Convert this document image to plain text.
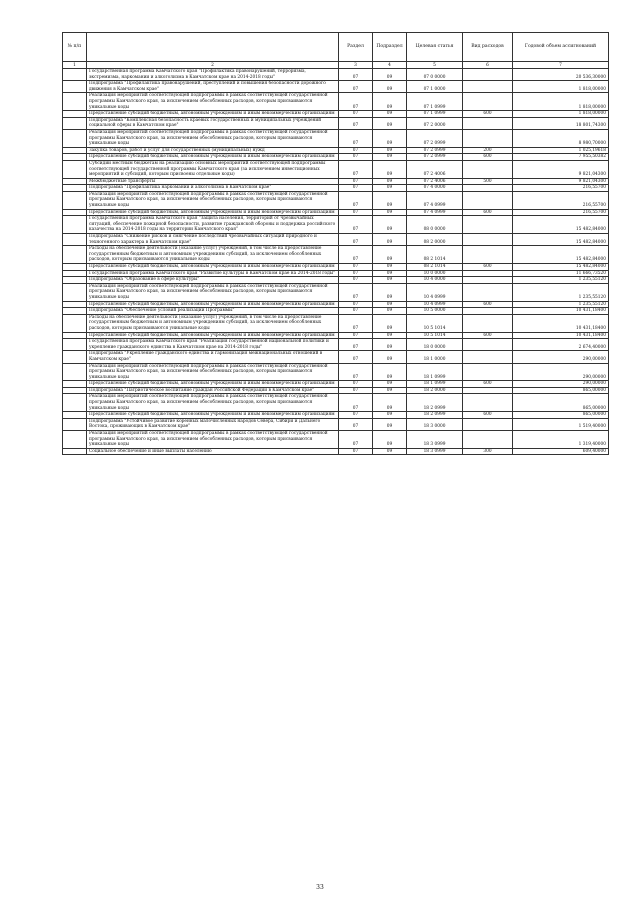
№ п/п		Раздел	Подраздел	Целевая статья	Вид расходов	Годовой объем ассигнований
1	2	3	4	5	6	7
	Государственная программа Камчатского края "Профилактика правонарушений, терроризма, экстремизма, наркомании и алкоголизма в Камчатском крае на 2014-2018 годы"	07	09	07 0 0000		20 536,30000
	Подпрограмма "Профилактика правонарушений, преступлений и повышения безопасности дорожного движения в Камчатском крае"	07	09	07 1 0000		1 818,00000
	Реализация мероприятий соответствующей подпрограммы в рамках соответствующей государственной программы Камчатского края, за исключением обособленных расходов, которым присваиваются уникальные коды	07	09	07 1 0999		1 818,00000
	Предоставление субсидий бюджетным, автономным учреждениям и иным некоммерческим организациям	07	09	07 1 0999	600	1 818,00000
	Подпрограмма "Комплексная безопасность краевых государственных и муниципальных учреждений социальной сферы в Камчатском крае"	07	09	07 2 0000		18 801,74300
	Реализация мероприятий соответствующей подпрограммы в рамках соответствующей государственной программы Камчатского края, за исключением обособленных расходов, которым присваиваются уникальные коды	07	09	07 2 0999		8 980,70000
	Закупка товаров, работ и услуг для государственных (муниципальных) нужд	07	09	07 2 0999	200	1 025,19618
	Предоставление субсидий бюджетным, автономным учреждениям и иным некоммерческим организациям	07	09	07 2 0999	600	7 955,50382
	Субсидии местным бюджетам на реализацию основных мероприятий соответствующей подпрограммы соответствующей государственной программы Камчатского края (за исключением инвестиционных мероприятий и субсидий, которым присвоены отдельные коды)	07	09	07 2 4006		9 821,04300
	Межбюджетные трансферты	07	09	07 2 4006	500	9 821,04300
	Подпрограмма "Профилактика наркомании и алкоголизма в Камчатском крае"	07	09	07 4 0000		216,55700
	Реализация мероприятий соответствующей подпрограммы в рамках соответствующей государственной программы Камчатского края, за исключением обособленных расходов, которым присваиваются уникальные коды	07	09	07 4 0999		216,55700
	Предоставление субсидий бюджетным, автономным учреждениям и иным некоммерческим организациям	07	09	07 4 0999	600	216,55700
	Государственная программа Камчатского края "Защита населения, территорий от чрезвычайных ситуаций, обеспечение пожарной безопасности, развитие гражданской обороны и поддержка российского казачества на 2014-2018 годы на территории Камчатского края"	07	09	08 0 0000		15 482,84000
	Подпрограмма "Снижение рисков и смягчение последствий чрезвычайных ситуаций природного и техногенного характера в Камчатском крае"	07	09	08 2 0000		15 482,84000
	Расходы на обеспечение деятельности (оказание услуг) учреждений, в том числе на предоставление государственным бюджетным и автономным учреждениям субсидий, за исключением обособленных расходов, которым присваиваются уникальные коды	07	09	08 2 1014		15 482,84000
	Предоставление субсидий бюджетным, автономным учреждениям и иным некоммерческим организациям	07	09	08 2 1014	600	15 482,84000
	Государственная программа Камчатского края "Развитие культуры в Камчатском крае на 2014-2018 годы"	07	09	10 0 0000		11 666,73520
	Подпрограмма "Образование в сфере культуры"	07	09	10 4 0000		1 235,55120
	Реализация мероприятий соответствующей подпрограммы в рамках соответствующей государственной программы Камчатского края, за исключением обособленных расходов, которым присваиваются уникальные коды	07	09	10 4 0999		1 235,55120
	Предоставление субсидий бюджетным, автономным учреждениям и иным некоммерческим организациям	07	09	10 4 0999	600	1 235,55120
	Подпрограмма "Обеспечение условий реализации Программы"	07	09	10 5 0000		10 431,18400
	Расходы на обеспечение деятельности (оказание услуг) учреждений, в том числе на предоставление государственным бюджетным и автономным учреждениям субсидий, за исключением обособленных расходов, которым присваиваются уникальные коды	07	09	10 5 1014		10 431,18400
	Предоставление субсидий бюджетным, автономным учреждениям и иным некоммерческим организациям	07	09	10 5 1014	600	10 431,18400
	Государственная программа Камчатского края "Реализация государственной национальной политики и укрепление гражданского единства в Камчатском крае на 2014-2018 годы"	07	09	18 0 0000		2 674,40000
	Подпрограмма "Укрепление гражданского единства и гармонизация межнациональных отношений в Камчатском крае"	07	09	18 1 0000		290,00000
	Реализация мероприятий соответствующей подпрограммы в рамках соответствующей государственной программы Камчатского края, за исключением обособленных расходов, которым присваиваются уникальные коды	07	09	18 1 0999		290,00000
	Предоставление субсидий бюджетным, автономным учреждениям и иным некоммерческим организациям	07	09	18 1 0999	600	290,00000
	Подпрограмма "Патриотическое воспитание граждан Российской Федерации в Камчатском крае"	07	09	18 2 0000		865,00000
	Реализация мероприятий соответствующей подпрограммы в рамках соответствующей государственной программы Камчатского края, за исключением обособленных расходов, которым присваиваются уникальные коды	07	09	18 2 0999		865,00000
	Предоставление субсидий бюджетным, автономным учреждениям и иным некоммерческим организациям	07	09	18 2 0999	600	865,00000
	Подпрограмма "Устойчивое развитие коренных малочисленных народов Севера, Сибири и Дальнего Востока, проживающих в Камчатском крае"	07	09	18 3 0000		1 519,40000
	Реализация мероприятий соответствующей подпрограммы в рамках соответствующей государственной программы Камчатского края, за исключением обособленных расходов, которым присваиваются уникальные коды	07	09	18 3 0999		1 319,40000
	Социальное обеспечение и иные выплаты населению	07	09	18 3 0999	300	609,40000
33
